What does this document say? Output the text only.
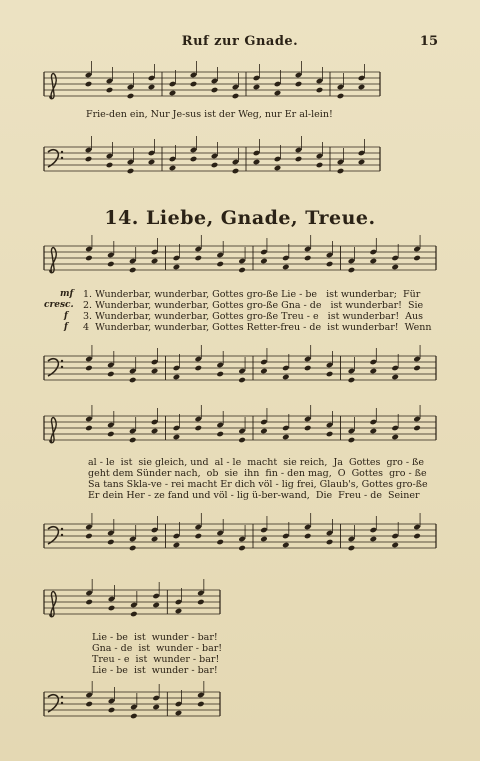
Ruf zur Gnade.	15
Frie-den ein, Nur Je-sus ist der Weg, nur Er al-lein!
14. Liebe, Gnade, Treue.
mf
cresc.
f
f
1. Wunderbar, wunderbar, Gottes gro-ße Lie - be   ist wunderbar;  Für
2. Wunderbar, wunderbar, Gottes gro-ße Gna - de   ist wunderbar!  Sie
3. Wunderbar, wunderbar, Gottes gro-ße Treu - e   ist wunderbar!  Aus
4  Wunderbar, wunderbar, Gottes Retter-freu - de  ist wunderbar!  Wenn
al - le  ist  sie gleich, und  al - le  macht  sie reich,  Ja  Gottes  gro - ße
geht dem Sünder nach,  ob  sie  ihn  fin - den mag,  O  Gottes  gro - ße
Sa tans Skla-ve - rei macht Er dich völ - lig frei, Glaub's, Gottes gro-ße
Er dein Her - ze fand und völ - lig ü-ber-wand,  Die  Freu - de  Seiner
Lie - be  ist  wunder - bar!
Gna - de  ist  wunder - bar!
Treu - e  ist  wunder - bar!
Lie - be  ist  wunder - bar!
